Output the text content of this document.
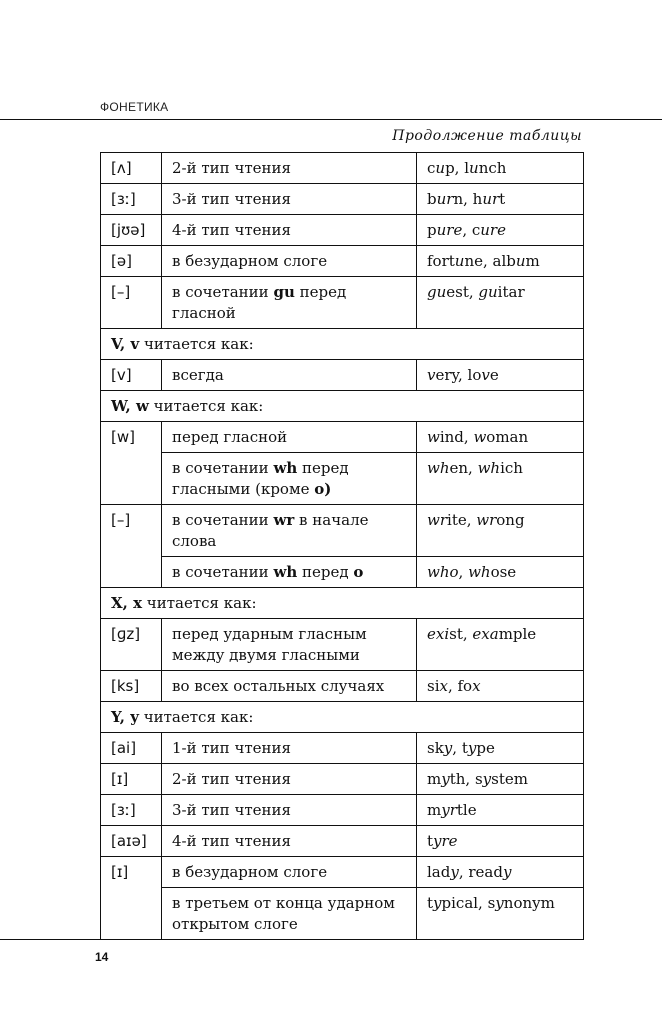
ФОНЕТИКА
Продолжение таблицы
[ʌ]	2-й тип чтения	cup, lunch
[ɜː]	3-й тип чтения	burn, hurt
[jʊə]	4-й тип чтения	pure, cure
[ə]	в безударном слоге	fortune, album
[–]	в сочетании gu перед гласной	guest, guitar
V, v читается как:		
[v]	всегда	very, love
W, w читается как:		
[w]	перед гласной	wind, woman
	в сочетании wh перед гласными (кроме o)	when, which
[–]	в сочетании wr в начале слова	write, wrong
	в сочетании wh перед o	who, whose
X, x читается как:		
[ɡz]	перед ударным гласным между двумя гласными	exist, example
[ks]	во всех остальных случаях	six, fox
Y, y читается как:		
[ai]	1-й тип чтения	sky, type
[ɪ]	2-й тип чтения	myth, system
[ɜː]	3-й тип чтения	myrtle
[aɪə]	4-й тип чтения	tyre
[ɪ]	в безударном слоге	lady, ready
	в третьем от конца ударном открытом слоге	typical, synonym
14
